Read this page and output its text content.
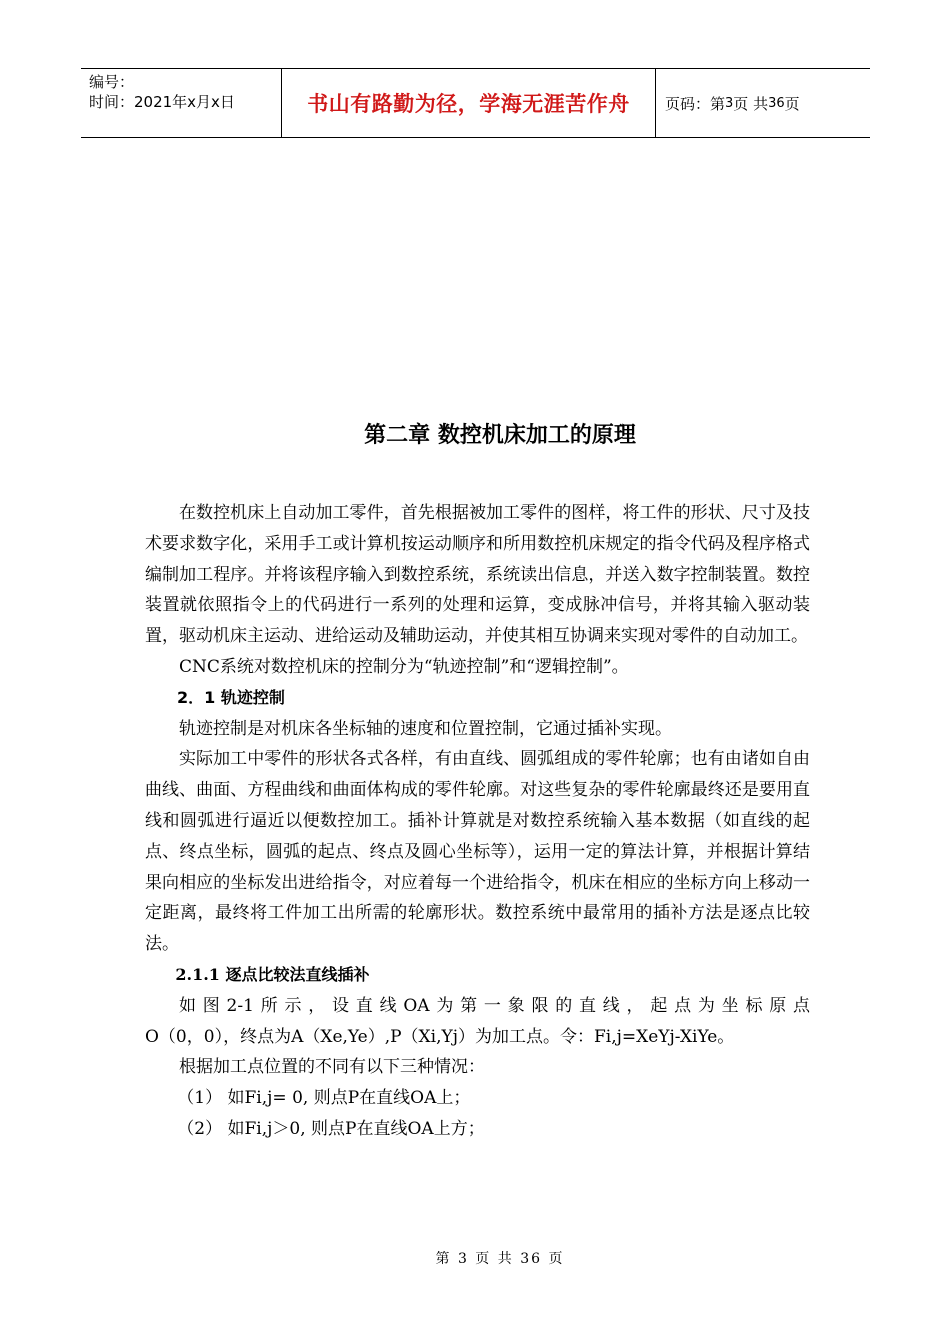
编号：
时间：2021年x月x日	书山有路勤为径，学海无涯苦作舟	页码：第 3 页 共 36 页
第二章 数控机床加工的原理

在数控机床上自动加工零件，首先根据被加工零件的图样，将工件的形状、尺寸及技术要求数字化，采用手工或计算机按运动顺序和所用数控机床规定的指令代码及程序格式编制加工程序。并将该程序输入到数控系统，系统读出信息，并送入数字控制装置。数控装置就依照指令上的代码进行一系列的处理和运算，变成脉冲信号，并将其输入驱动装置，驱动机床主运动、进给运动及辅助运动，并使其相互协调来实现对零件的自动加工。

CNC系统对数控机床的控制分为“轨迹控制”和“逻辑控制”。

2．1 轨迹控制

轨迹控制是对机床各坐标轴的速度和位置控制，它通过插补实现。

实际加工中零件的形状各式各样，有由直线、圆弧组成的零件轮廓；也有由诸如自由曲线、曲面、方程曲线和曲面体构成的零件轮廓。对这些复杂的零件轮廓最终还是要用直线和圆弧进行逼近以便数控加工。插补计算就是对数控系统输入基本数据（如直线的起点、终点坐标，圆弧的起点、终点及圆心坐标等），运用一定的算法计算，并根据计算结果向相应的坐标发出进给指令，对应着每一个进给指令，机床在相应的坐标方向上移动一定距离，最终将工件加工出所需的轮廓形状。数控系统中最常用的插补方法是逐点比较法。

2.1.1 逐点比较法直线插补

如图2-1所示，设直线OA为第一象限的直线，起点为坐标原点

O（0，0），终点为A（Xe,Ye）,P（Xi,Yj）为加工点。令：Fi,j=XeYj-XiYe。

根据加工点位置的不同有以下三种情况：

（1） 如Fi,j= 0, 则点P在直线OA上；

（2） 如Fi,j＞0, 则点P在直线OA上方；

第 3 页 共 36 页
